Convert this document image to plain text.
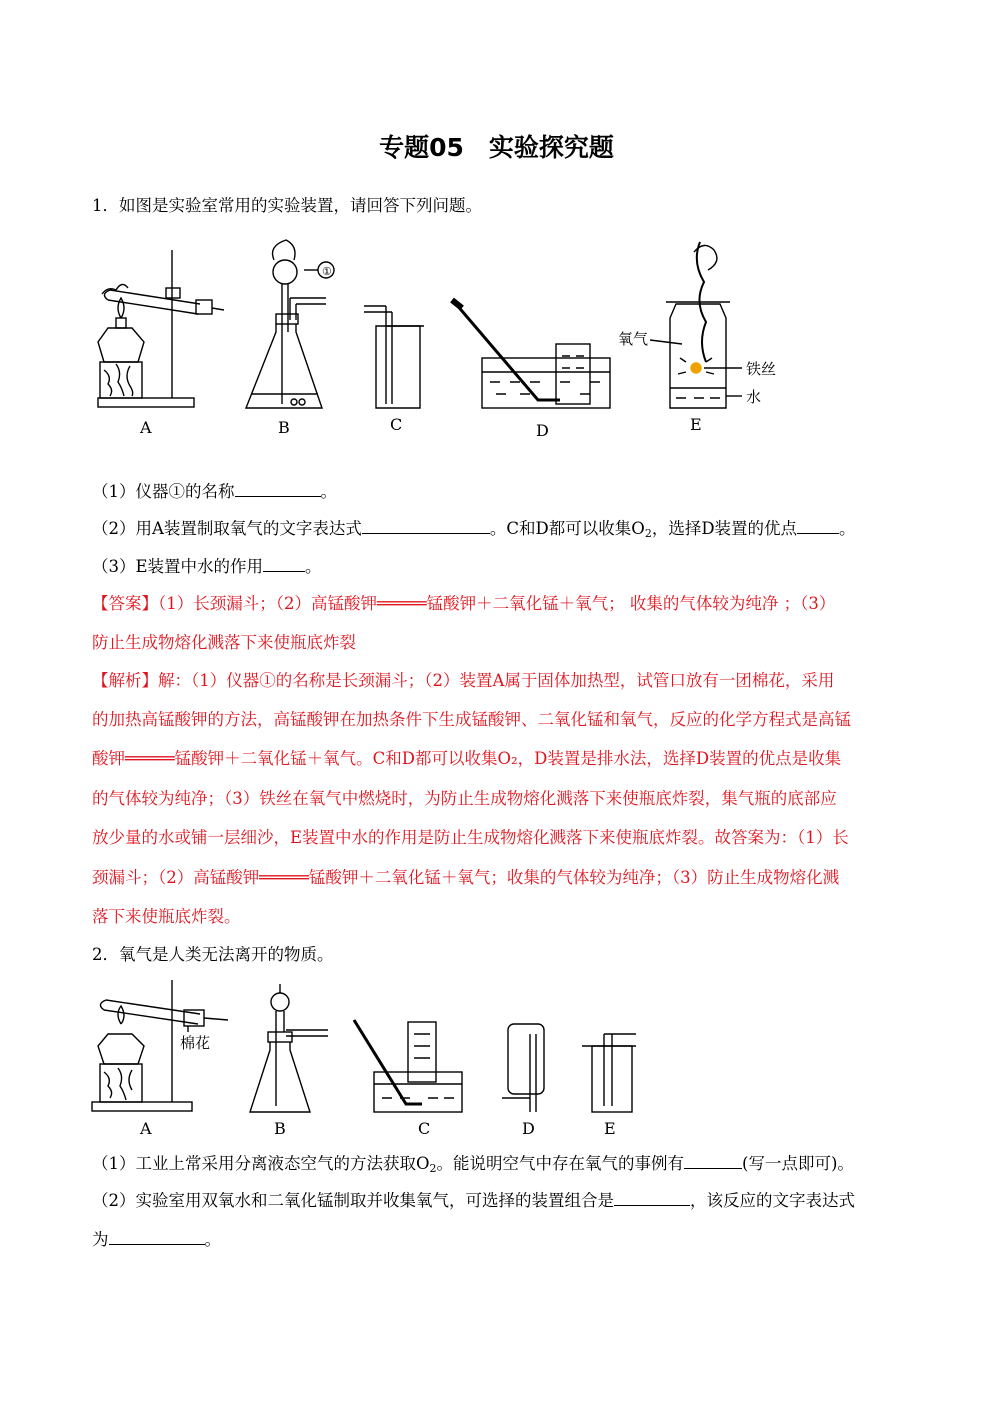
专题05　实验探究题
1．如图是实验室常用的实验装置，请回答下列问题。
A
①
B	C	D
氧气
铁丝
水
E
（1）仪器①的名称	。
（2）用A装置制取氧气的文字表达式	。C和D都可以收集$O_2$，选择D装置的优点	。
（3）E装置中水的作用	。
【答案】（1）长颈漏斗；（2）高锰酸钾═════锰酸钾＋二氧化锰＋氧气； 收集的气体较为纯净 ；（3）
防止生成物熔化溅落下来使瓶底炸裂
【解析】解：（1）仪器①的名称是长颈漏斗；（2）装置A属于固体加热型，试管口放有一团棉花，采用
的加热高锰酸钾的方法，高锰酸钾在加热条件下生成锰酸钾、二氧化锰和氧气，反应的化学方程式是高锰
酸钾═════锰酸钾＋二氧化锰＋氧气。C和D都可以收集O₂，D装置是排水法，选择D装置的优点是收集
的气体较为纯净；（3）铁丝在氧气中燃烧时，为防止生成物熔化溅落下来使瓶底炸裂，集气瓶的底部应
放少量的水或铺一层细沙，E装置中水的作用是防止生成物熔化溅落下来使瓶底炸裂。故答案为：（1）长
颈漏斗；（2）高锰酸钾═════锰酸钾＋二氧化锰＋氧气；收集的气体较为纯净；（3）防止生成物熔化溅
落下来使瓶底炸裂。
2．氧气是人类无法离开的物质。
棉花
A	B	C	D	E
（1）工业上常采用分离液态空气的方法获取$O_2$。能说明空气中存在氧气的事例有	(写一点即可)。
（2）实验室用双氧水和二氧化锰制取并收集氧气，可选择的装置组合是	，该反应的文字表达式
为	。
